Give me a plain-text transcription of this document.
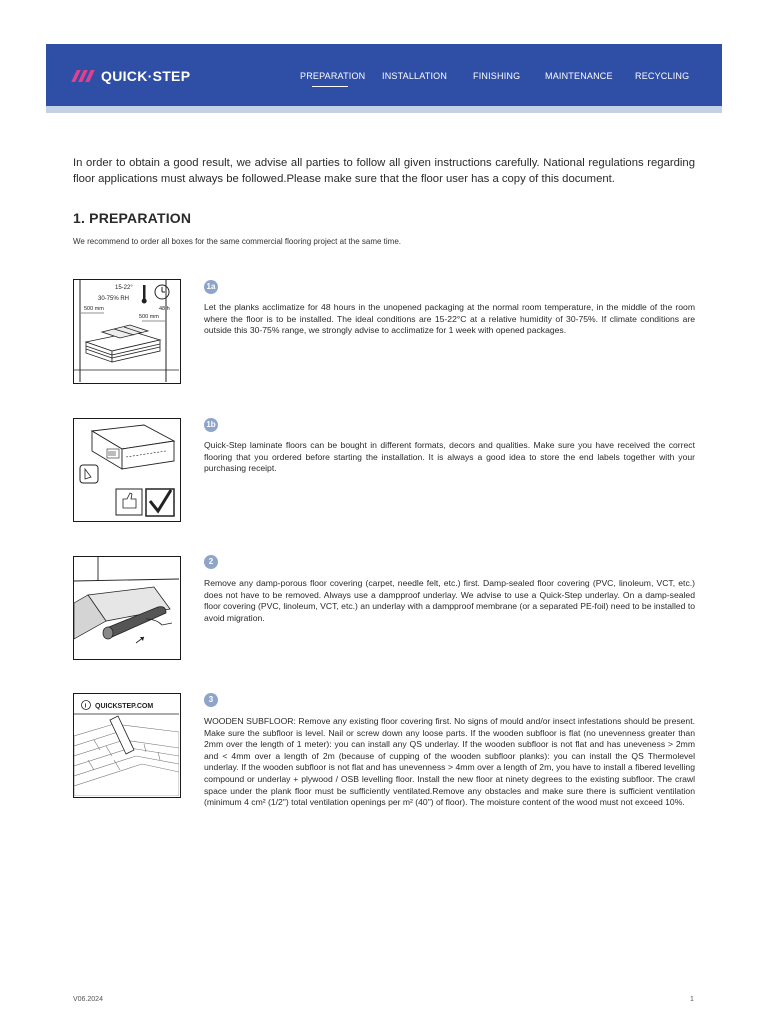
QUICK·STEP	PREPARATION INSTALLATION	FINISHING	MAINTENANCE RECYCLING
In order to obtain a good result, we advise all parties to follow all given instructions carefully. National regulations regarding floor applications must always be followed.Please make sure that the floor user has a copy of this document.
1. PREPARATION
We recommend to order all boxes for the same commercial flooring project at the same time.
15-22°
30-75% RH
48 h
500 mm
500 mm
1a
Let the planks acclimatize for 48 hours in the unopened packaging at the normal room temperature, in the middle of the room where the floor is to be installed. The ideal conditions are 15-22°C at a relative humidity of 30-75%. If climate conditions are outside this 30-75% range, we strongly advise to acclimatize for 1 week with opened packages.
1b
Quick-Step laminate floors can be bought in different formats, decors and qualities. Make sure you have received the correct flooring that you ordered before starting the installation. It is always a good idea to store the end labels together with your purchasing receipt.
2
Remove any damp-porous floor covering (carpet, needle felt, etc.) first. Damp-sealed floor covering (PVC, linoleum, VCT, etc.) does not have to be removed. Always use a dampproof underlay. We advise to use a Quick-Step underlay. On a damp-sealed floor covering (PVC, linoleum, VCT, etc.) an underlay with a dampproof membrane (or a separated PE-foil) need to be installed to avoid migration.
i QUICKSTEP.COM
3
WOODEN SUBFLOOR: Remove any existing floor covering first. No signs of mould and/or insect infestations should be present. Make sure the subfloor is level. Nail or screw down any loose parts. If the wooden subfloor is flat (no unevenness greater than 2mm over the length of 1 meter): you can install any QS underlay. If the wooden subfloor is not flat and has uneveness > 2mm and < 4mm over a length of 2m (because of cupping of the wooden subfloor planks): you can install the QS Thermolevel underlay. If the wooden subfloor is not flat and has unevenness > 4mm over a length of 2m, you have to install a fibered levelling compound or underlay + plywood / OSB levelling floor. Install the new floor at ninety degrees to the existing subfloor. The crawl space under the plank floor must be sufficiently ventilated.Remove any obstacles and make sure there is sufficient ventilation (minimum 4 cm² (1/2") total ventilation openings per m² (40") of floor). The moisture content of the wood must not exceed 10%.
V06.2024	1
